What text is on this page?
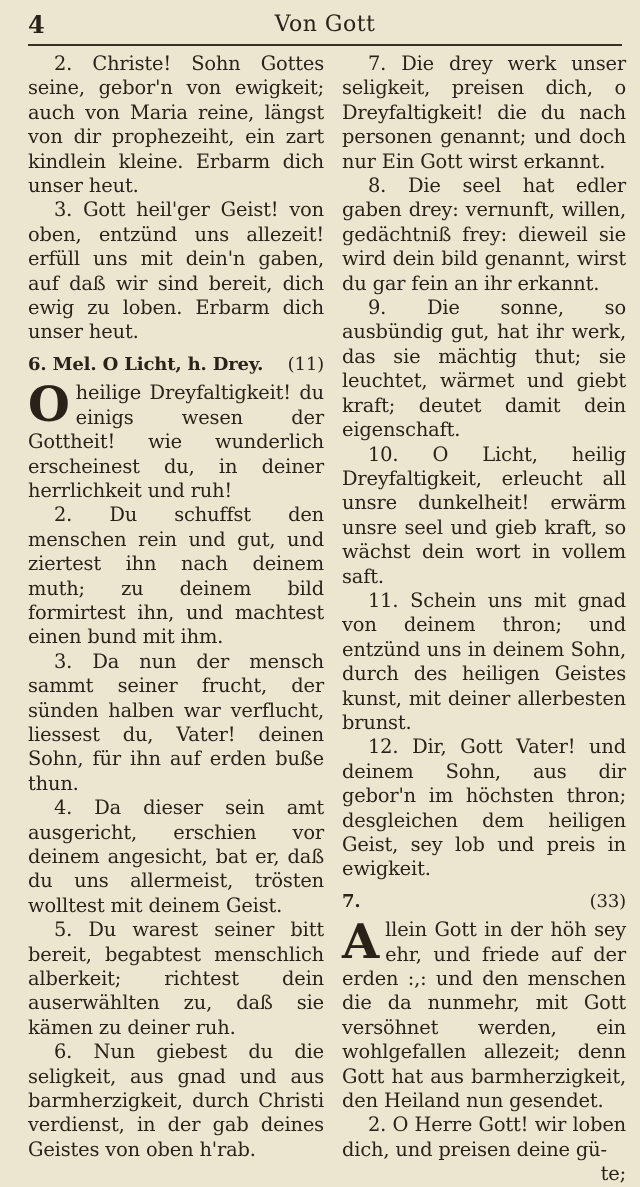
4	Von Gott

2. Christe! Sohn Gottes seine, gebor'n von ewigkeit; auch von Maria reine, längst von dir prophezeiht, ein zart kindlein kleine. Erbarm dich unser heut.

3. Gott heil'ger Geist! von oben, entzünd uns allezeit! erfüll uns mit dein'n gaben, auf daß wir sind bereit, dich ewig zu loben. Erbarm dich unser heut.

6. Mel. O Licht, h. Drey. (11)

O heilige Dreyfaltigkeit! du einigs wesen der Gottheit! wie wunderlich erscheinest du, in deiner herrlichkeit und ruh!

2. Du schuffst den menschen rein und gut, und ziertest ihn nach deinem muth; zu deinem bild formirtest ihn, und machtest einen bund mit ihm.

3. Da nun der mensch sammt seiner frucht, der sünden halben war verflucht, liessest du, Vater! deinen Sohn, für ihn auf erden buße thun.

4. Da dieser sein amt ausgericht, erschien vor deinem angesicht, bat er, daß du uns allermeist, trösten wolltest mit deinem Geist.

5. Du warest seiner bitt bereit, begabtest menschlich alberkeit; richtest dein auserwählten zu, daß sie kämen zu deiner ruh.

6. Nun giebest du die seligkeit, aus gnad und aus barmherzigkeit, durch Christi verdienst, in der gab deines Geistes von oben h'rab.

7. Die drey werk unser seligkeit, preisen dich, o Dreyfaltigkeit! die du nach personen genannt; und doch nur Ein Gott wirst erkannt.

8. Die seel hat edler gaben drey: vernunft, willen, gedächtniß frey: dieweil sie wird dein bild genannt, wirst du gar fein an ihr erkannt.

9. Die sonne, so ausbündig gut, hat ihr werk, das sie mächtig thut; sie leuchtet, wärmet und giebt kraft; deutet damit dein eigenschaft.

10. O Licht, heilig Dreyfaltigkeit, erleucht all unsre dunkelheit! erwärm unsre seel und gieb kraft, so wächst dein wort in vollem saft.

11. Schein uns mit gnad von deinem thron; und entzünd uns in deinem Sohn, durch des heiligen Geistes kunst, mit deiner allerbesten brunst.

12. Dir, Gott Vater! und deinem Sohn, aus dir gebor'n im höchsten thron; desgleichen dem heiligen Geist, sey lob und preis in ewigkeit.

7.	(33)

A llein Gott in der höh sey ehr, und friede auf der erden :,: und den menschen die da nunmehr, mit Gott versöhnet werden, ein wohlgefallen allezeit; denn Gott hat aus barmherzigkeit, den Heiland nun gesendet.

2. O Herre Gott! wir loben dich, und preisen deine gü-

te;
